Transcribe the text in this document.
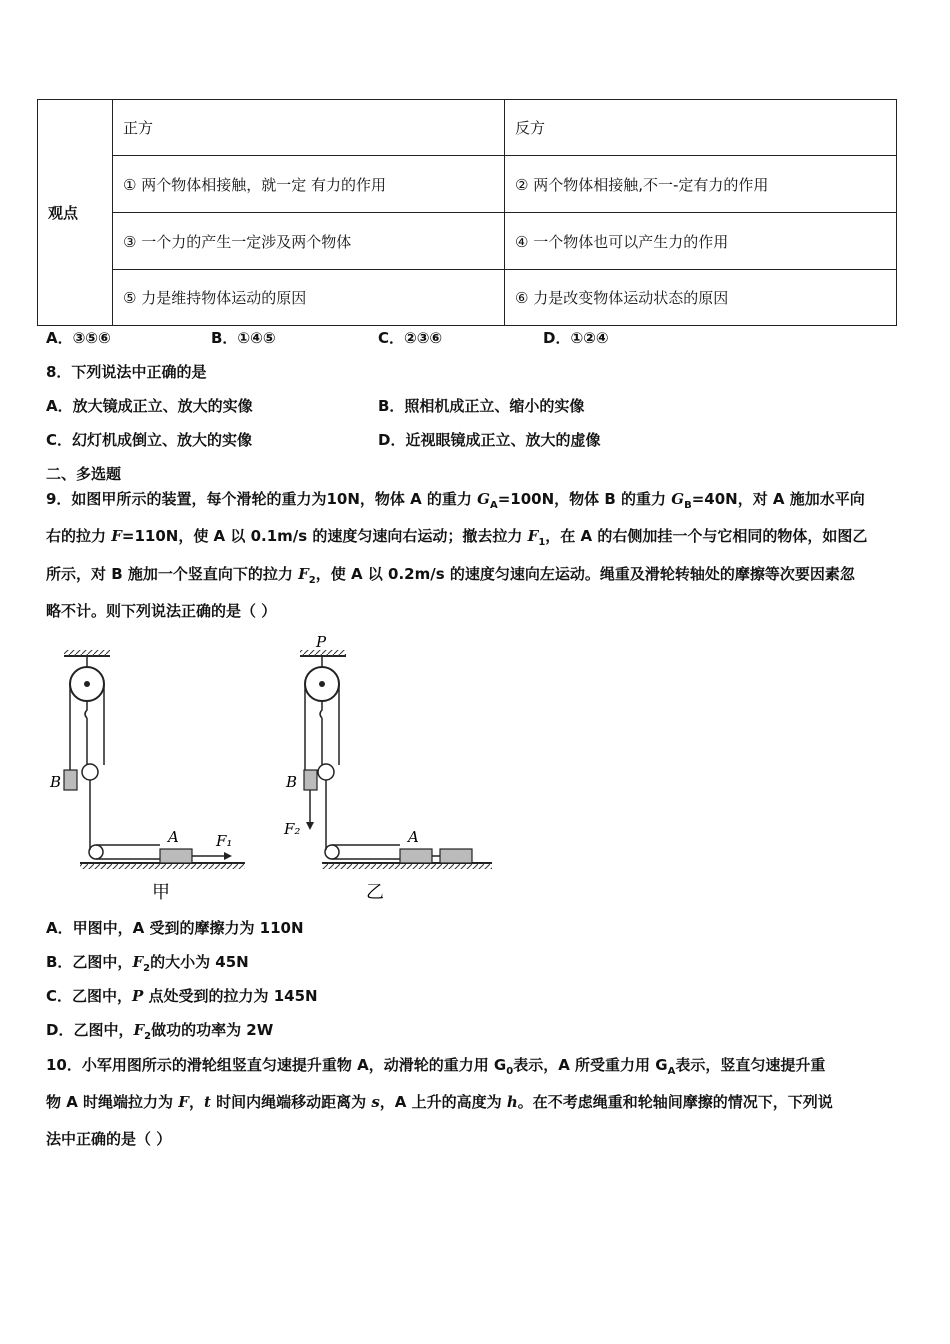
观点	正方	反方
	① 两个物体相接触，就一定 有力的作用	② 两个物体相接触,不一-定有力的作用
	③ 一个力的产生一定涉及两个物体	④ 一个物体也可以产生力的作用
	⑤ 力是维持物体运动的原因	⑥ 力是改变物体运动状态的原因
A．③⑤⑥	B．①④⑤	C．②③⑥	D．①②④
8．下列说法中正确的是
A．放大镜成正立、放大的实像	B．照相机成正立、缩小的实像
C．幻灯机成倒立、放大的实像	D．近视眼镜成正立、放大的虚像
二、多选题
9．如图甲所示的装置，每个滑轮的重力为10N，物体 A 的重力 $G_A=100N$，物体 B 的重力 $G_B=40N$，对 A 施加水平向
右的拉力 F=110N，使 A 以 0.1m/s 的速度匀速向右运动；撤去拉力 $F_1$，在 A 的右侧加挂一个与它相同的物体，如图乙
所示，对 B 施加一个竖直向下的拉力 $F_2$，使 A 以 0.2m/s 的速度匀速向左运动。绳重及滑轮转轴处的摩擦等次要因素忽
略不计。则下列说法正确的是（ ）
B
A F₁
甲
P
B
F₂	A
乙
A．甲图中，A 受到的摩擦力为 110N
B．乙图中，$F_2$的大小为 45N
C．乙图中，P 点处受到的拉力为 145N
D．乙图中，$F_2$做功的功率为 2W
10．小军用图所示的滑轮组竖直匀速提升重物 A，动滑轮的重力用 $G_0$表示，A 所受重力用 $G_A$表示，竖直匀速提升重
物 A 时绳端拉力为 F，t 时间内绳端移动距离为 s，A 上升的高度为 h。在不考虑绳重和轮轴间摩擦的情况下，下列说
法中正确的是（ ）
